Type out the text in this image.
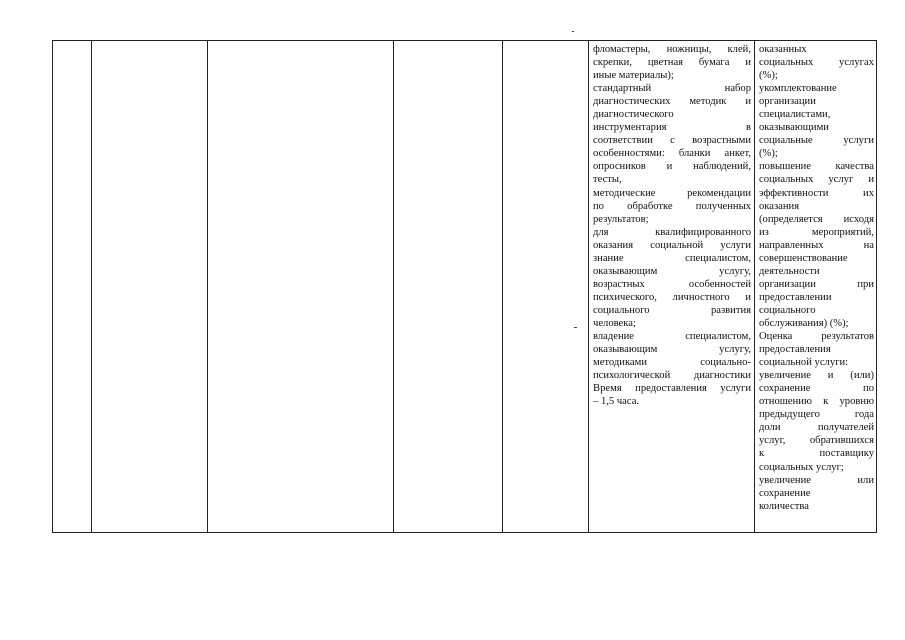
фломастеры, ножницы, клей,
скрепки, цветная бумага и
иные материалы);
стандартный набор
диагностических методик и
диагностического
инструментария в
соответствии с возрастными
особенностями: бланки анкет,
опросников и наблюдений,
тесты,
методические рекомендации
по обработке полученных
результатов;
для квалифицированного
оказания социальной услуги
знание специалистом,
оказывающим услугу,
возрастных особенностей
психического, личностного и
социального развития
человека;
владение специалистом,
оказывающим услугу,
методиками социально-
психологической диагностики
Время предоставления услуги
– 1,5 часа.

оказанных
социальных услугах
(%);
укомплектование
организации
специалистами,
оказывающими
социальные услуги
(%);
повышение качества
социальных услуг и
эффективности их
оказания
(определяется исходя
из мероприятий,
направленных на
совершенствование
деятельности
организации при
предоставлении
социального
обслуживания) (%);
Оценка результатов
предоставления
социальной услуги:
увеличение и (или)
сохранение по
отношению к уровню
предыдущего года
доли получателей
услуг, обратившихся
к поставщику
социальных услуг;
увеличение или
сохранение
количества
